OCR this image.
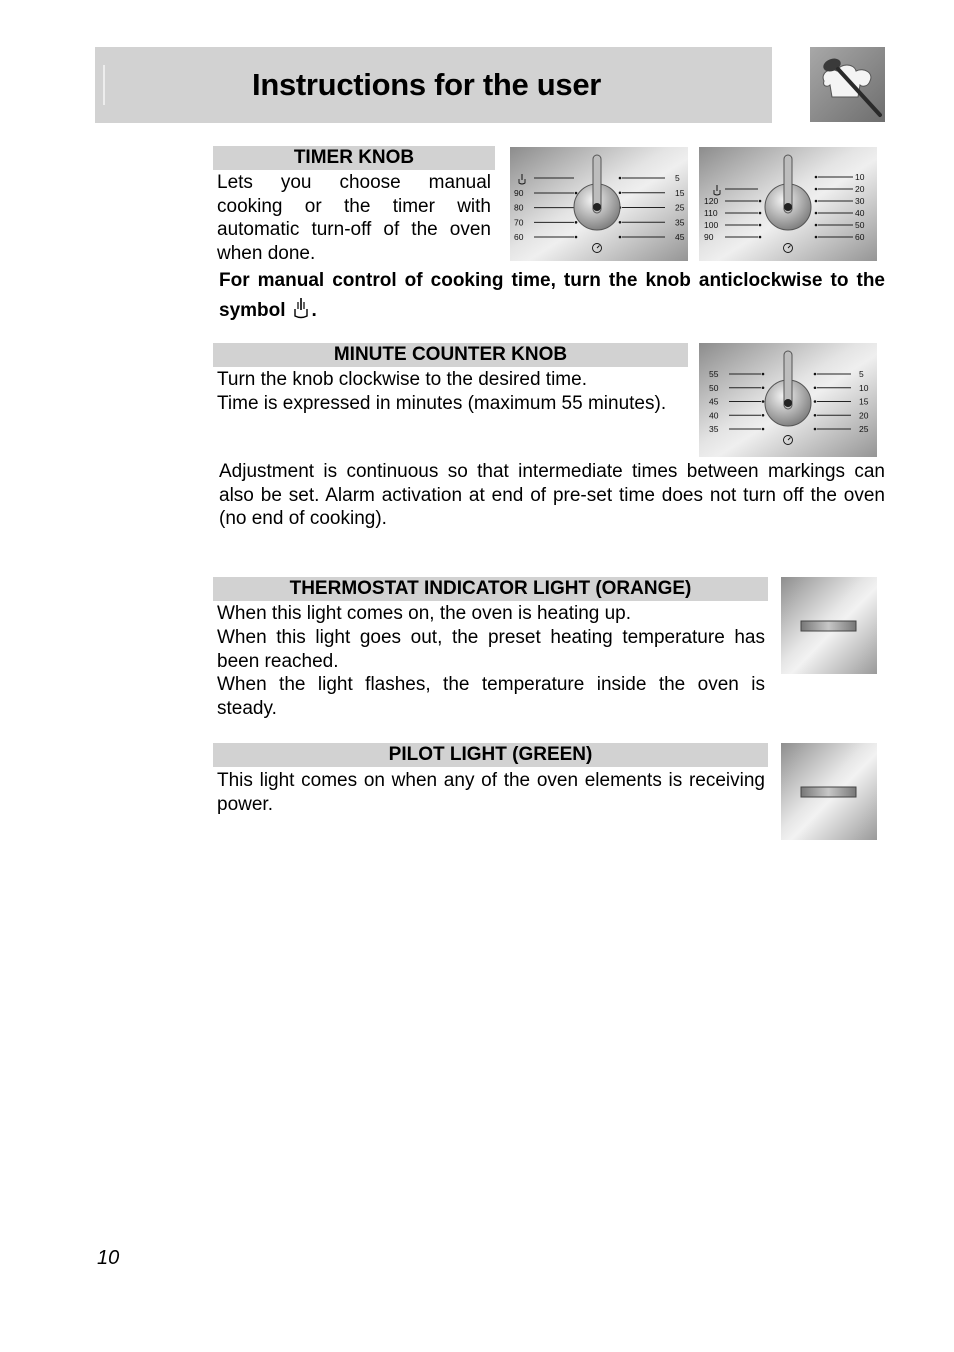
Instructions for the user
TIMER KNOB
Lets you choose manual cooking or the timer with automatic turn-off of the oven when done.
90
80
70
60
5
15
25
35
45
120
110
100
90
10
20
30
40
50
60
For manual control of cooking time, turn the knob anticlockwise to the symbol .
MINUTE COUNTER KNOB
Turn the knob clockwise to the desired time.
Time is expressed in minutes (maximum 55 minutes).
55
50
45
40
35
5
10
15
20
25
Adjustment is continuous so that intermediate times between markings can also be set. Alarm activation at end of pre-set time does not turn off the oven (no end of cooking).
THERMOSTAT INDICATOR LIGHT (ORANGE)
When this light comes on, the oven is heating up.
When this light goes out, the preset heating temperature has been reached.
When the light flashes, the temperature inside the oven is steady.
PILOT LIGHT (GREEN)
This light comes on when any of the oven elements is receiving power.
10
